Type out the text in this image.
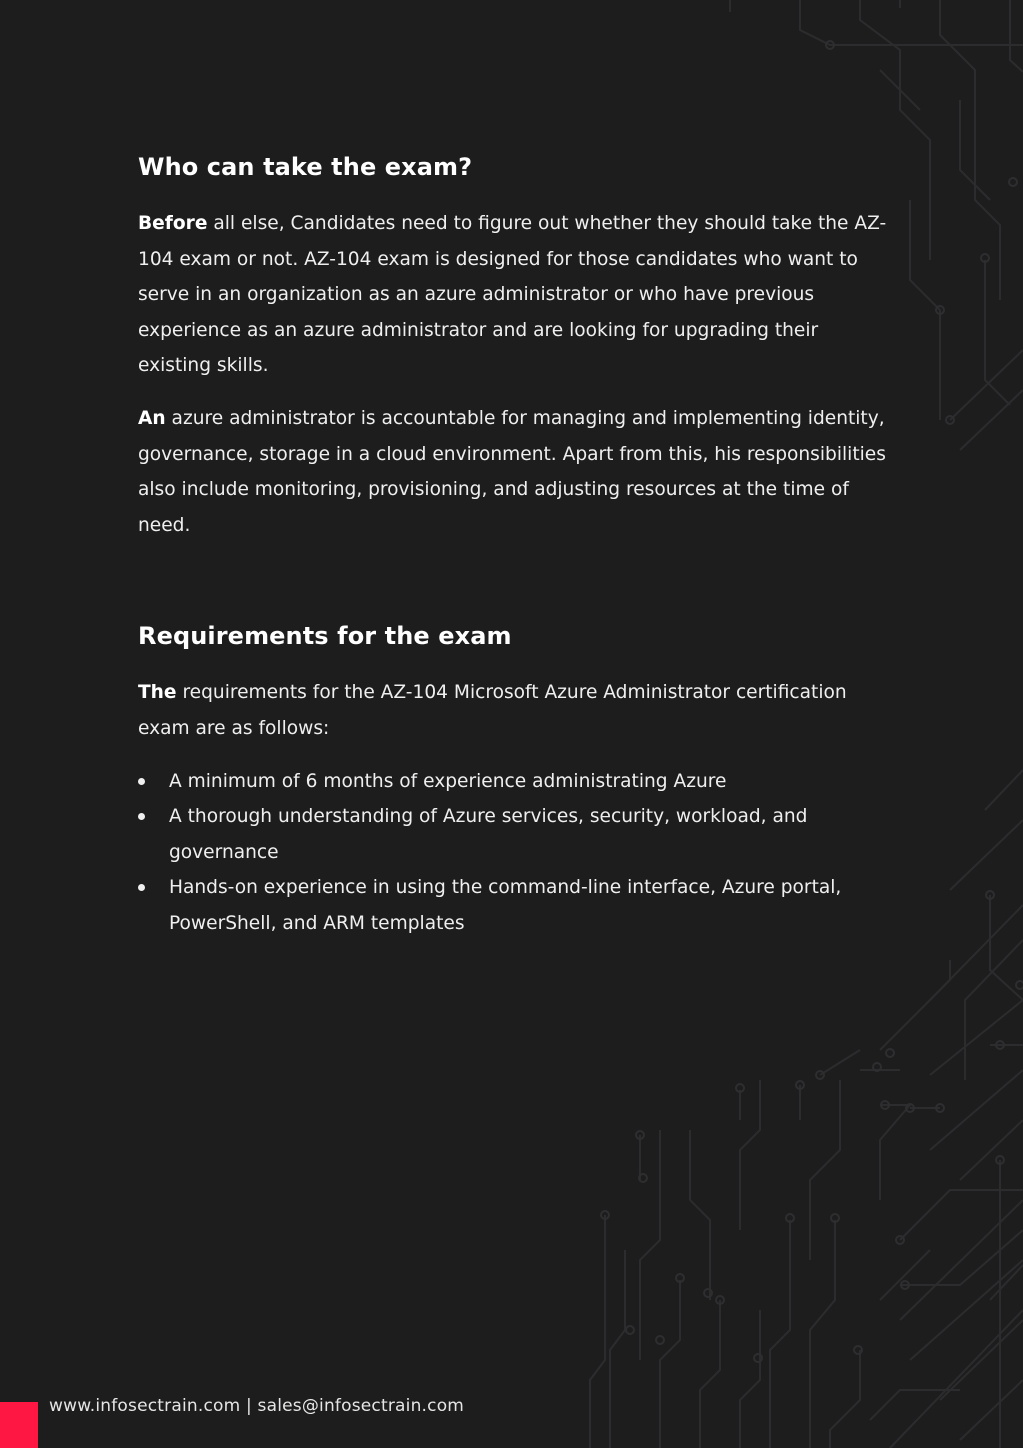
Who can take the exam?

Before all else, Candidates need to figure out whether they should take the AZ-104 exam or not. AZ-104 exam is designed for those candidates who want to serve in an organization as an azure administrator or who have previous experience as an azure administrator and are looking for upgrading their existing skills.

An azure administrator is accountable for managing and implementing identity, governance, storage in a cloud environment. Apart from this, his responsibilities also include monitoring, provisioning, and adjusting resources at the time of need.

Requirements for the exam

The requirements for the AZ-104 Microsoft Azure Administrator certification exam are as follows:

A minimum of 6 months of experience administrating Azure
A thorough understanding of Azure services, security, workload, and governance
Hands-on experience in using the command-line interface, Azure portal, PowerShell, and ARM templates
www.infosectrain.com | sales@infosectrain.com
